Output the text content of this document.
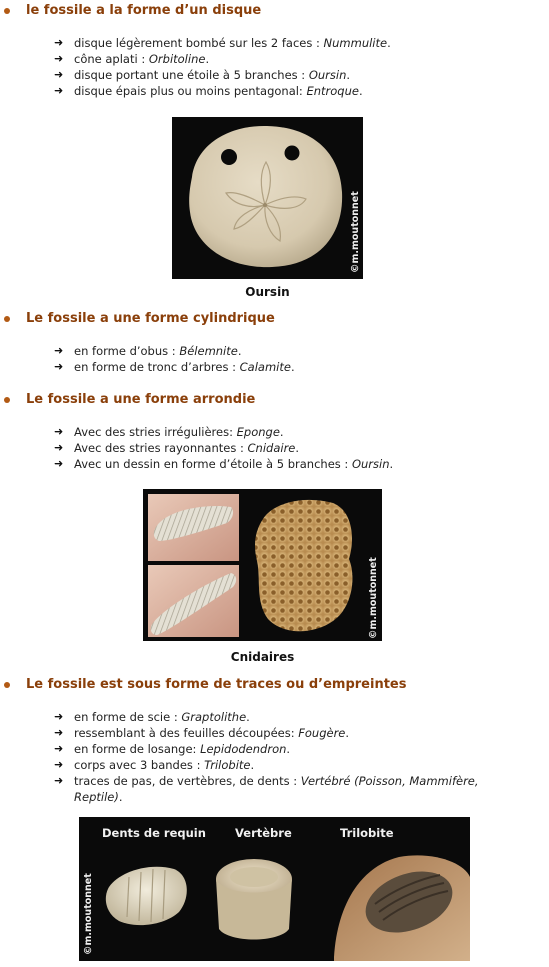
le fossile a la forme d’un disque
➜ disque légèrement bombé sur les 2 faces : Nummulite.
➜ cône aplati : Orbitoline.
➜ disque portant une étoile à 5 branches : Oursin.
➜ disque épais plus ou moins pentagonal: Entroque.
©m.moutonnet
Oursin
Le fossile a une forme cylindrique
➜ en forme d’obus : Bélemnite.
➜ en forme de tronc d’arbres : Calamite.
Le fossile a une forme arrondie
➜ Avec des stries irrégulières: Eponge.
➜ Avec des stries rayonnantes : Cnidaire.
➜ Avec un dessin en forme d’étoile à 5 branches : Oursin.
©m.moutonnet
Cnidaires
Le fossile est sous forme de traces ou d’empreintes
➜ en forme de scie : Graptolithe.
➜ ressemblant à des feuilles découpées: Fougère.
➜ en forme de losange: Lepidodendron.
➜ corps avec 3 bandes : Trilobite.
➜ traces de pas, de vertèbres, de dents : Vertébré (Poisson, Mammifère, Reptile).
©m.moutonnet
Dents de requin	Vertèbre	Trilobite
